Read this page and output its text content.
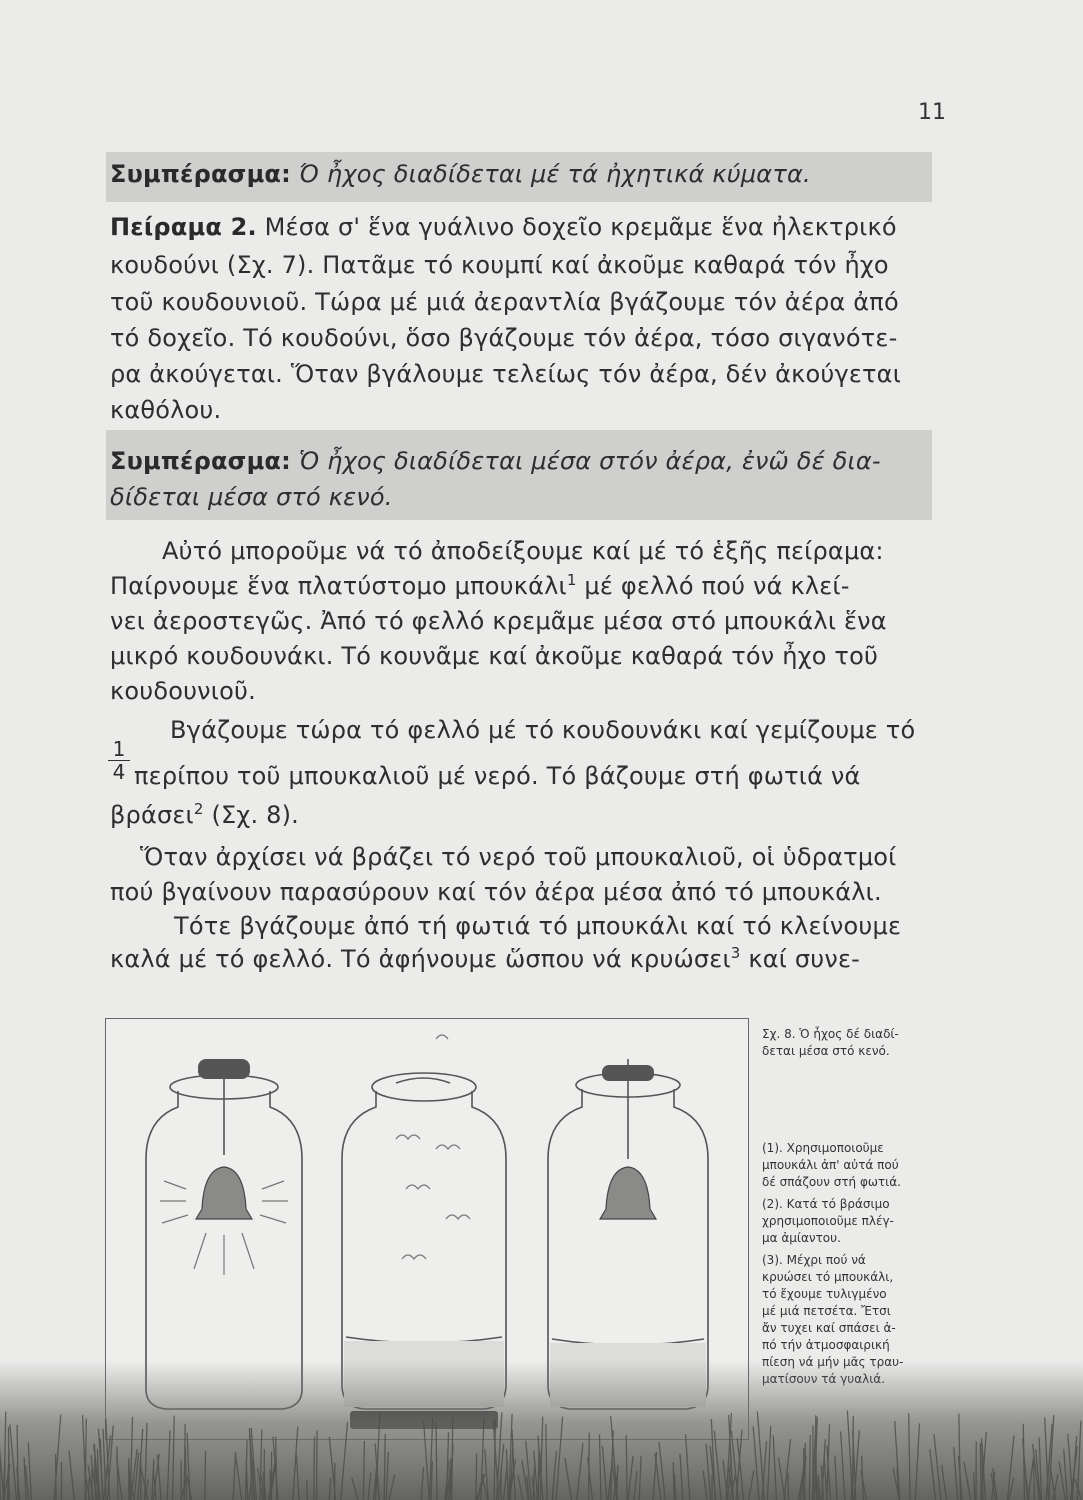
11
Συμπέρασμα: Ό ἦχος διαδίδεται μέ τά ἠχητικά κύματα.
Πείραμα 2. Μέσα σ' ἕνα γυάλινο δοχεῖο κρεμᾶμε ἕνα ἠλεκτρικό
κουδούνι (Σχ. 7). Πατᾶμε τό κουμπί καί ἀκοῦμε καθαρά τόν ἦχο
τοῦ κουδουνιοῦ. Τώρα μέ μιά ἀεραντλία βγάζουμε τόν ἀέρα ἀπό
τό δοχεῖο. Τό κουδούνι, ὅσο βγάζουμε τόν ἀέρα, τόσο σιγανότε-
ρα ἀκούγεται. Ὅταν βγάλουμε τελείως τόν ἀέρα, δέν ἀκούγεται
καθόλου.
Συμπέρασμα: Ὁ ἦχος διαδίδεται μέσα στόν ἀέρα, ἐνῶ δέ δια-
δίδεται μέσα στό κενό.
Αὐτό μποροῦμε νά τό ἀποδείξουμε καί μέ τό ἑξῆς πείραμα:
Παίρνουμε ἕνα πλατύστομο μπουκάλι$^1$ μέ φελλό πού νά κλεί-
νει ἀεροστεγῶς. Ἀπό τό φελλό κρεμᾶμε μέσα στό μπουκάλι ἕνα
μικρό κουδουνάκι. Τό κουνᾶμε καί ἀκοῦμε καθαρά τόν ἦχο τοῦ
κουδουνιοῦ.
Βγάζουμε τώρα τό φελλό μέ τό κουδουνάκι καί γεμίζουμε τό
$\frac{1}{4}$ περίπου τοῦ μπουκαλιοῦ μέ νερό. Τό βάζουμε στή φωτιά νά
βράσει$^2$ (Σχ. 8).
Ὅταν ἀρχίσει νά βράζει τό νερό τοῦ μπουκαλιοῦ, οἱ ὑδρατμοί
πού βγαίνουν παρασύρουν καί τόν ἀέρα μέσα ἀπό τό μπουκάλι.
Τότε βγάζουμε ἀπό τή φωτιά τό μπουκάλι καί τό κλείνουμε
καλά μέ τό φελλό. Τό ἀφήνουμε ὥσπου νά κρυώσει$^3$ καί συνε-
Σχ. 8. Ὁ ἦχος δέ διαδί-
δεται μέσα στό κενό.
(1). Χρησιμοποιοῦμε
μπουκάλι ἀπ' αὐτά πού
δέ σπάζουν στή φωτιά.
(2). Κατά τό βράσιμο
χρησιμοποιοῦμε πλέγ-
μα ἀμίαντου.
(3). Μέχρι πού νά
κρυώσει τό μπουκάλι,
τό ἔχουμε τυλιγμένο
μέ μιά πετσέτα. Ἔτσι
ἄν τυχει καί σπάσει ἀ-
πό τήν ἀτμοσφαιρική
